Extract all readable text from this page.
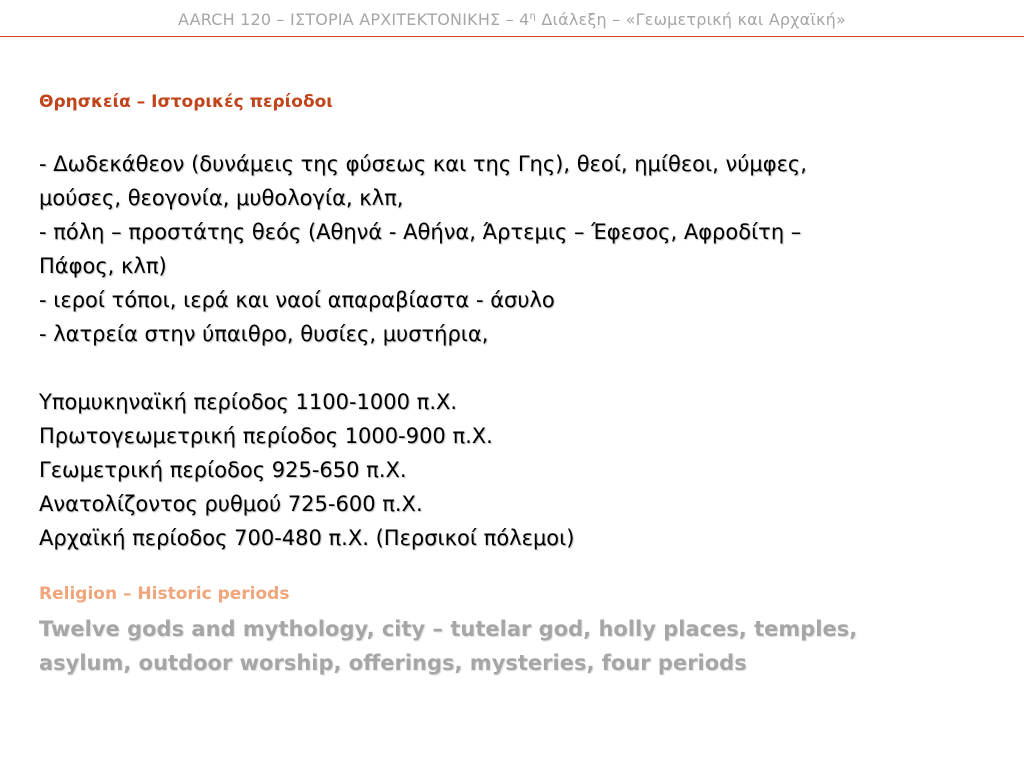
AARCH 120 – ΙΣΤΟΡΙΑ ΑΡΧΙΤΕΚΤΟΝΙΚΗΣ – $4^\eta$ Διάλεξη – «Γεωμετρική και Αρχαϊκή»
Θρησκεία – Ιστορικές περίοδοι
- Δωδεκάθεον (δυνάμεις της φύσεως και της Γης), θεοί, ημίθεοι, νύμφες,
μούσες, θεογονία, μυθολογία, κλπ,
- πόλη – προστάτης θεός (Αθηνά - Αθήνα, Άρτεμις – Έφεσος, Αφροδίτη –
Πάφος, κλπ)
- ιεροί τόποι, ιερά και ναοί απαραβίαστα - άσυλο
- λατρεία στην ύπαιθρο, θυσίες, μυστήρια,
Υπομυκηναϊκή περίοδος 1100-1000 π.Χ.
Πρωτογεωμετρική περίοδος 1000-900 π.Χ.
Γεωμετρική περίοδος 925-650 π.Χ.
Ανατολίζοντος ρυθμού 725-600 π.Χ.
Αρχαϊκή περίοδος 700-480 π.Χ. (Περσικοί πόλεμοι)
Religion – Historic periods
Twelve gods and mythology, city – tutelar god, holly places, temples,
asylum, outdoor worship, offerings, mysteries, four periods
